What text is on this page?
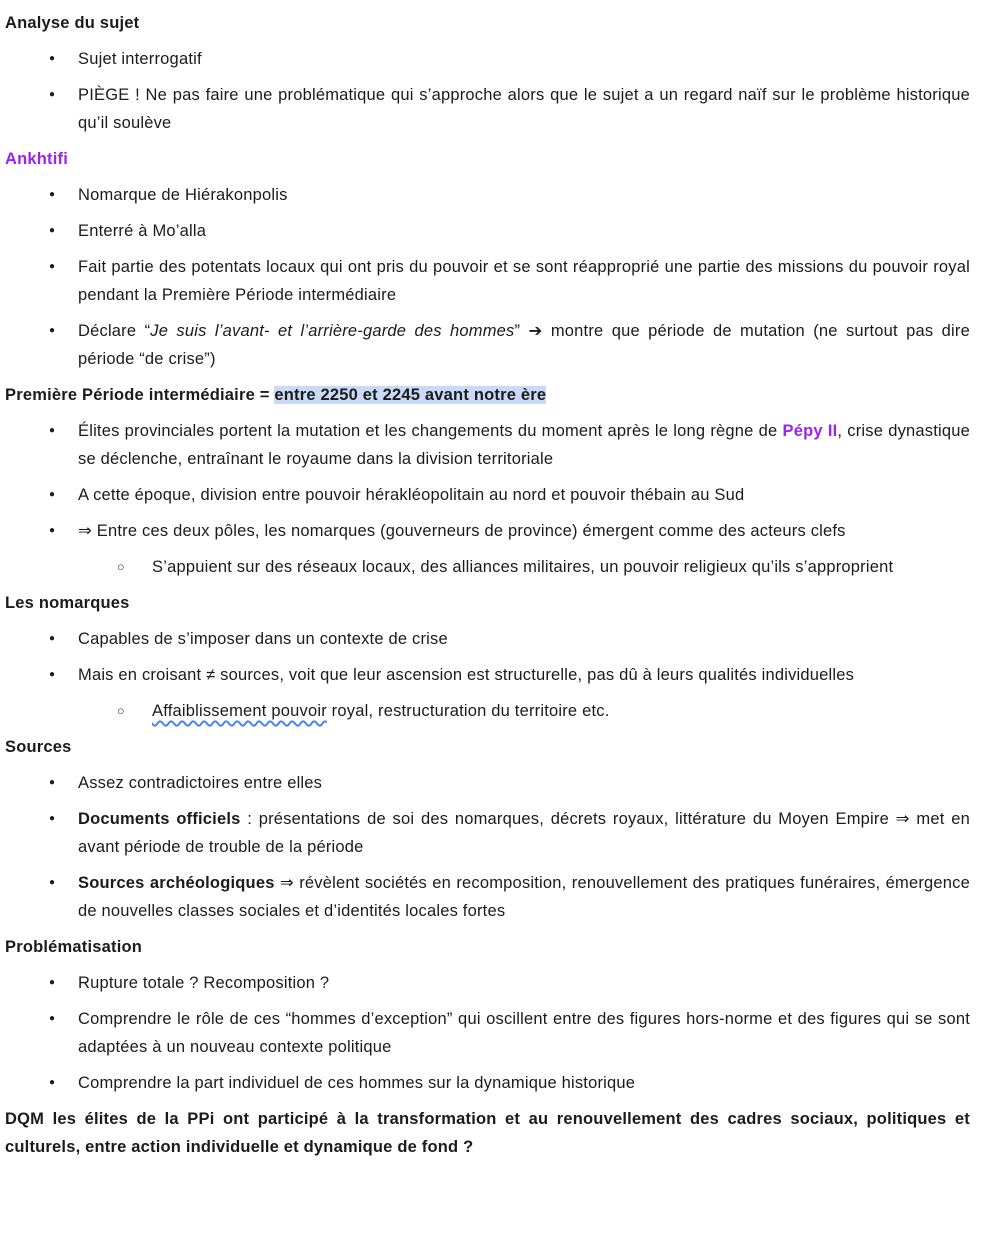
Analyse du sujet

● Sujet interrogatif

● PIÈGE ! Ne pas faire une problématique qui s’approche alors que le sujet a un regard naïf sur le problème historique qu’il soulève

Ankhtifi

● Nomarque de Hiérakonpolis

● Enterré à Mo’alla

● Fait partie des potentats locaux qui ont pris du pouvoir et se sont réapproprié une partie des missions du pouvoir royal pendant la Première Période intermédiaire

● Déclare “Je suis l’avant- et l’arrière-garde des hommes” ➔ montre que période de mutation (ne surtout pas dire période “de crise”)

Première Période intermédiaire = entre 2250 et 2245 avant notre ère

● Élites provinciales portent la mutation et les changements du moment après le long règne de Pépy II, crise dynastique se déclenche, entraînant le royaume dans la division territoriale

● A cette époque, division entre pouvoir hérakléopolitain au nord et pouvoir thébain au Sud

● ⇒ Entre ces deux pôles, les nomarques (gouverneurs de province) émergent comme des acteurs clefs

○ S’appuient sur des réseaux locaux, des alliances militaires, un pouvoir religieux qu’ils s’approprient

Les nomarques

● Capables de s’imposer dans un contexte de crise

● Mais en croisant ≠ sources, voit que leur ascension est structurelle, pas dû à leurs qualités individuelles

○ Affaiblissement pouvoir royal, restructuration du territoire etc.

Sources

● Assez contradictoires entre elles

● Documents officiels : présentations de soi des nomarques, décrets royaux, littérature du Moyen Empire ⇒ met en avant période de trouble de la période

● Sources archéologiques ⇒ révèlent sociétés en recomposition, renouvellement des pratiques funéraires, émergence de nouvelles classes sociales et d’identités locales fortes

Problématisation

● Rupture totale ? Recomposition ?

● Comprendre le rôle de ces “hommes d’exception” qui oscillent entre des figures hors-norme et des figures qui se sont adaptées à un nouveau contexte politique

● Comprendre la part individuel de ces hommes sur la dynamique historique

DQM les élites de la PPi ont participé à la transformation et au renouvellement des cadres sociaux, politiques et culturels, entre action individuelle et dynamique de fond ?
